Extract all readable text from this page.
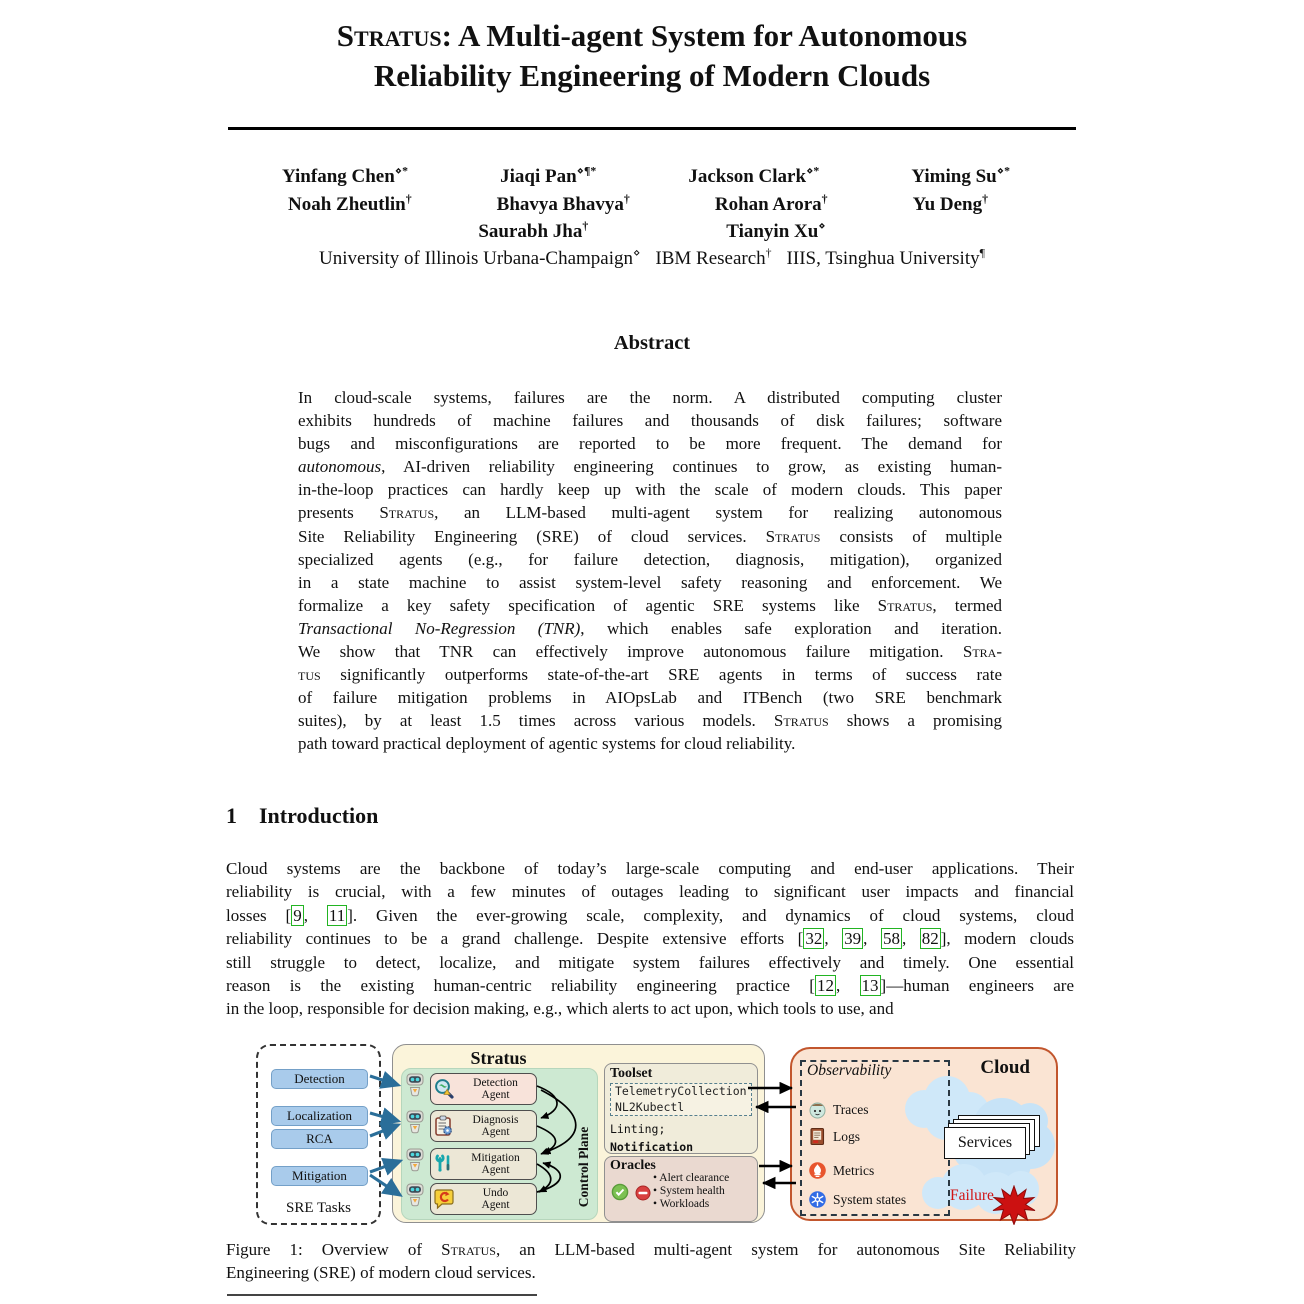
Stratus: A Multi-agent System for Autonomous
Reliability Engineering of Modern Clouds
Yinfang Chen⋄*	Jiaqi Pan⋄¶*	Jackson Clark⋄*	Yiming Su⋄*
Noah Zheutlin†	Bhavya Bhavya†	Rohan Arora†	Yu Deng†
Saurabh Jha†	Tianyin Xu⋄
University of Illinois Urbana-Champaign⋄ IBM Research† IIIS, Tsinghua University¶
Abstract
In cloud-scale systems, failures are the norm. A distributed computing cluster
exhibits hundreds of machine failures and thousands of disk failures; software
bugs and misconfigurations are reported to be more frequent. The demand for
autonomous, AI-driven reliability engineering continues to grow, as existing human-
in-the-loop practices can hardly keep up with the scale of modern clouds. This paper
presents Stratus, an LLM-based multi-agent system for realizing autonomous
Site Reliability Engineering (SRE) of cloud services. Stratus consists of multiple
specialized agents (e.g., for failure detection, diagnosis, mitigation), organized
in a state machine to assist system-level safety reasoning and enforcement. We
formalize a key safety specification of agentic SRE systems like Stratus, termed
Transactional No-Regression (TNR), which enables safe exploration and iteration.
We show that TNR can effectively improve autonomous failure mitigation. Stra-
tus significantly outperforms state-of-the-art SRE agents in terms of success rate
of failure mitigation problems in AIOpsLab and ITBench (two SRE benchmark
suites), by at least 1.5 times across various models. Stratus shows a promising
path toward practical deployment of agentic systems for cloud reliability.
1 Introduction
Cloud systems are the backbone of today’s large-scale computing and end-user applications. Their
reliability is crucial, with a few minutes of outages leading to significant user impacts and financial
losses [ 9 , 11 ]. Given the ever-growing scale, complexity, and dynamics of cloud systems, cloud
reliability continues to be a grand challenge. Despite extensive efforts [ 32 , 39 , 58 , 82 ], modern clouds
still struggle to detect, localize, and mitigate system failures effectively and timely. One essential
reason is the existing human-centric reliability engineering practice [ 12 , 13 ]—human engineers are
in the loop, responsible for decision making, e.g., which alerts to act upon, which tools to use, and
Detection
Localization
RCA
Mitigation
SRE Tasks
Stratus
Detection
Agent
Diagnosis
Agent
Mitigation
Agent
Undo
Agent	Control Plane
Toolset
TelemetryCollection
NL2Kubectl
Linting; Notification
Oracles

• Alert clearance
• System health
• Workloads
Cloud
Observability
Traces
Logs
Metrics
System states
Services
Failure
Figure 1: Overview of Stratus, an LLM-based multi-agent system for autonomous Site Reliability
Engineering (SRE) of modern cloud services.
